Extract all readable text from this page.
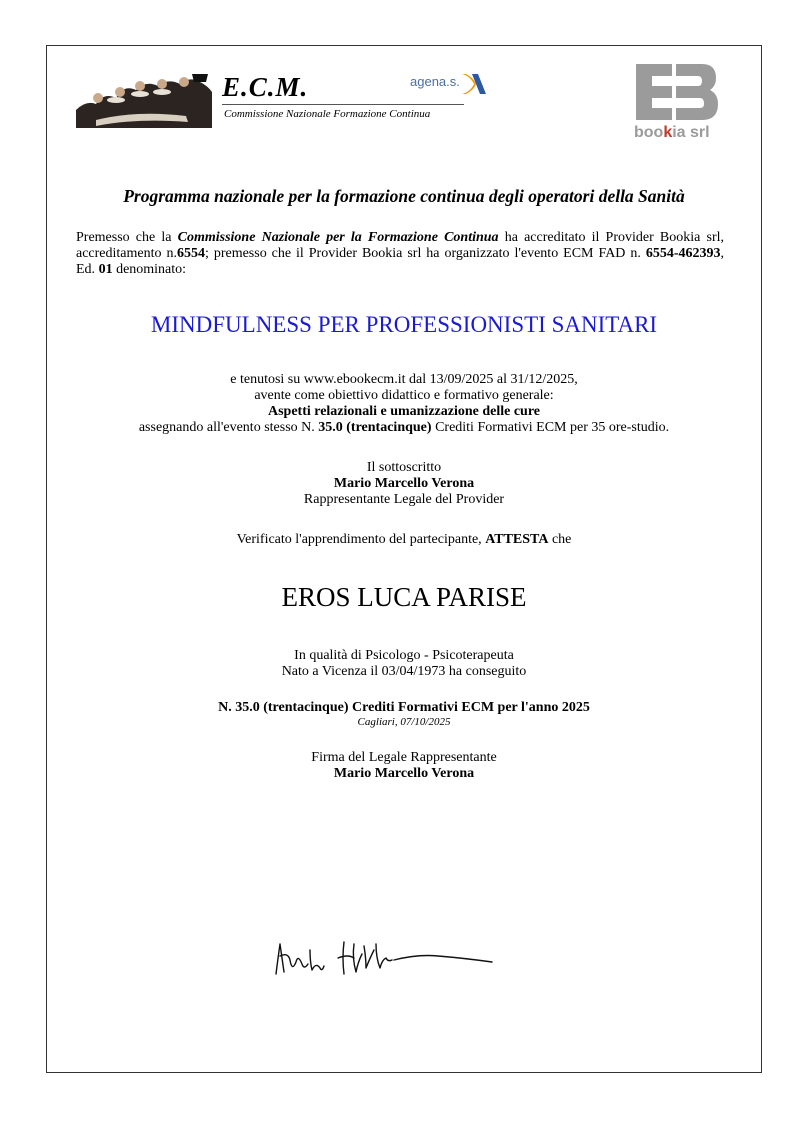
E.C.M.
Commissione Nazionale Formazione Continua
agena.s.
bookia srl
Programma nazionale per la formazione continua degli operatori della Sanità
Premesso che la Commissione Nazionale per la Formazione Continua ha accreditato il Provider Bookia srl, accreditamento n.6554; premesso che il Provider Bookia srl ha organizzato l'evento ECM FAD n. 6554-462393, Ed. 01 denominato:
MINDFULNESS PER PROFESSIONISTI SANITARI
e tenutosi su www.ebookecm.it dal 13/09/2025 al 31/12/2025,
avente come obiettivo didattico e formativo generale:
Aspetti relazionali e umanizzazione delle cure
assegnando all'evento stesso N. 35.0 (trentacinque) Crediti Formativi ECM per 35 ore-studio.
Il sottoscritto
Mario Marcello Verona
Rappresentante Legale del Provider
Verificato l'apprendimento del partecipante, ATTESTA che
EROS LUCA PARISE
In qualità di Psicologo - Psicoterapeuta
Nato a Vicenza il 03/04/1973 ha conseguito
N. 35.0 (trentacinque) Crediti Formativi ECM per l'anno 2025
Cagliari, 07/10/2025
Firma del Legale Rappresentante
Mario Marcello Verona
